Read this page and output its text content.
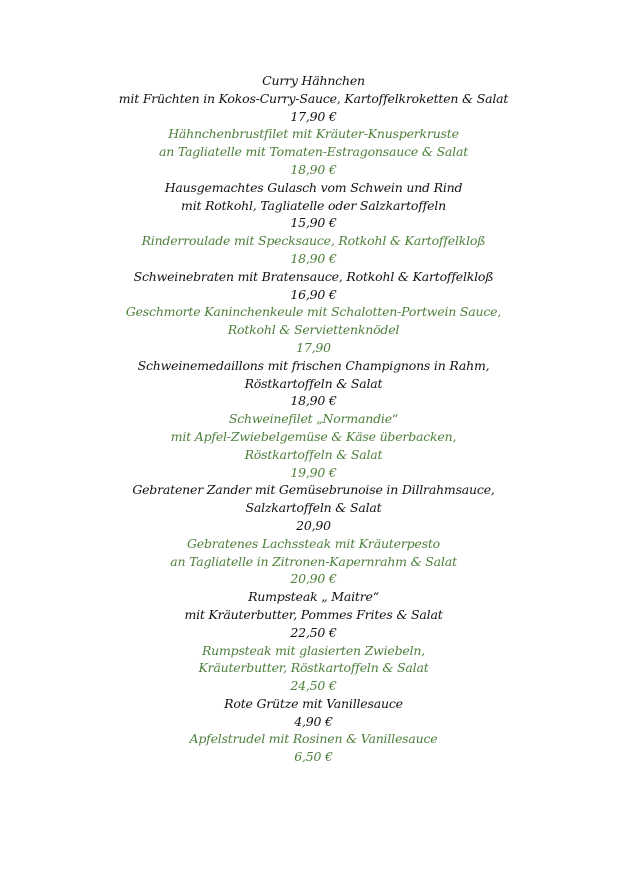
Curry Hähnchen
mit Früchten in Kokos-Curry-Sauce, Kartoffelkroketten & Salat
17,90 €
Hähnchenbrustfilet mit Kräuter-Knusperkruste
an Tagliatelle mit Tomaten-Estragonsauce & Salat
18,90 €
Hausgemachtes Gulasch vom Schwein und Rind
mit Rotkohl, Tagliatelle oder Salzkartoffeln
15,90 €
Rinderroulade mit Specksauce, Rotkohl & Kartoffelkloß
18,90 €
Schweinebraten mit Bratensauce, Rotkohl & Kartoffelkloß
16,90 €
Geschmorte Kaninchenkeule mit Schalotten-Portwein Sauce,
Rotkohl & Serviettenknödel
17,90
Schweinemedaillons mit frischen Champignons in Rahm,
Röstkartoffeln & Salat
18,90 €
Schweinefilet „Normandie“
mit Apfel-Zwiebelgemüse & Käse überbacken,
Röstkartoffeln & Salat
19,90 €
Gebratener Zander mit Gemüsebrunoise in Dillrahmsauce,
Salzkartoffeln & Salat
20,90
Gebratenes Lachssteak mit Kräuterpesto
an Tagliatelle in Zitronen-Kapernrahm & Salat
20,90 €
Rumpsteak „ Maitre“
mit Kräuterbutter, Pommes Frites & Salat
22,50 €
Rumpsteak mit glasierten Zwiebeln,
Kräuterbutter, Röstkartoffeln & Salat
24,50 €
Rote Grütze mit Vanillesauce
4,90 €
Apfelstrudel mit Rosinen & Vanillesauce
6,50 €
